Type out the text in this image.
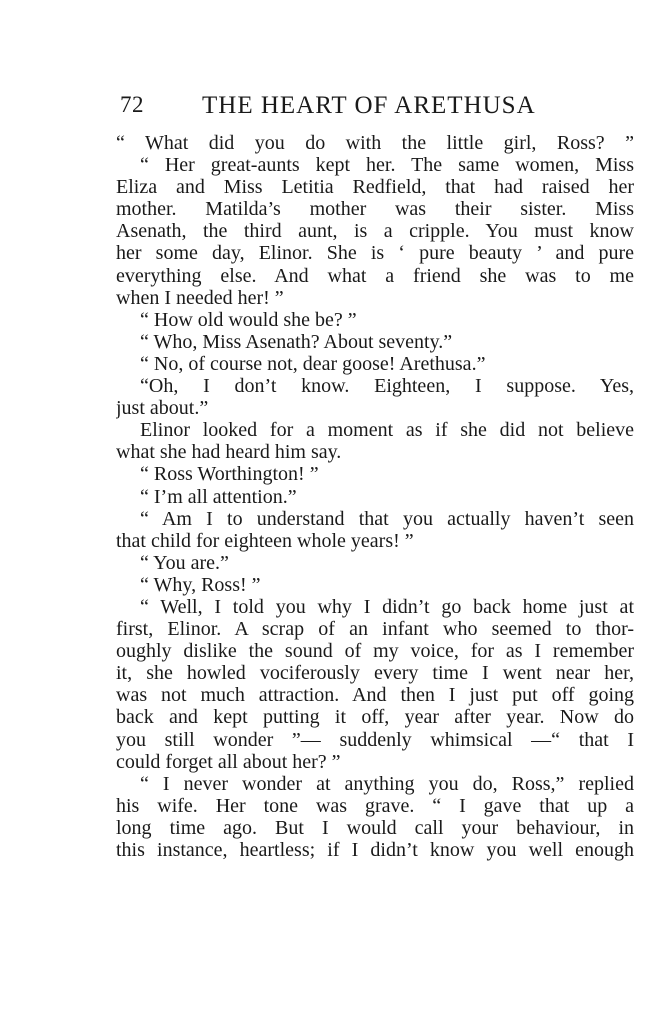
72 THE HEART OF ARETHUSA
“ What did you do with the little girl, Ross? ”
“ Her great-aunts kept her. The same women, Miss
Eliza and Miss Letitia Redfield, that had raised her
mother. Matilda’s mother was their sister. Miss
Asenath, the third aunt, is a cripple. You must know
her some day, Elinor. She is ‘ pure beauty ’ and pure
everything else. And what a friend she was to me
when I needed her! ”
“ How old would she be? ”
“ Who, Miss Asenath? About seventy.”
“ No, of course not, dear goose! Arethusa.”
“Oh, I don’t know. Eighteen, I suppose. Yes,
just about.”
Elinor looked for a moment as if she did not believe
what she had heard him say.
“ Ross Worthington! ”
“ I’m all attention.”
“ Am I to understand that you actually haven’t seen
that child for eighteen whole years! ”
“ You are.”
“ Why, Ross! ”
“ Well, I told you why I didn’t go back home just at
first, Elinor. A scrap of an infant who seemed to thor-
oughly dislike the sound of my voice, for as I remember
it, she howled vociferously every time I went near her,
was not much attraction. And then I just put off going
back and kept putting it off, year after year. Now do
you still wonder ”— suddenly whimsical —“ that I
could forget all about her? ”
“ I never wonder at anything you do, Ross,” replied
his wife. Her tone was grave. “ I gave that up a
long time ago. But I would call your behaviour, in
this instance, heartless; if I didn’t know you well enough
